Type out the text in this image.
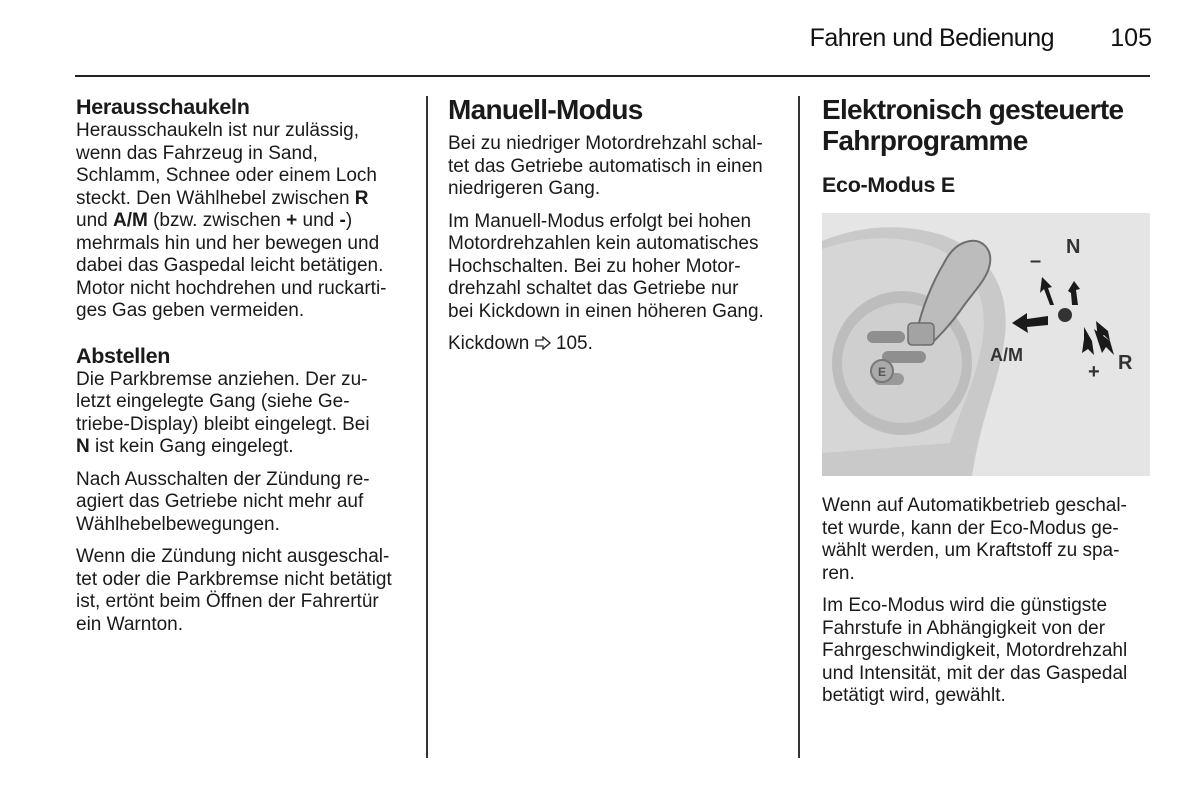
Fahren und Bedienung	105
Herausschaukeln

Herausschaukeln ist nur zulässig,
wenn das Fahrzeug in Sand,
Schlamm, Schnee oder einem Loch
steckt. Den Wählhebel zwischen R
und A/M (bzw. zwischen + und -)
mehrmals hin und her bewegen und
dabei das Gaspedal leicht betätigen.
Motor nicht hochdrehen und ruckarti-
ges Gas geben vermeiden.

Abstellen

Die Parkbremse anziehen. Der zu-
letzt eingelegte Gang (siehe Ge-
triebe-Display) bleibt eingelegt. Bei
N ist kein Gang eingelegt.

Nach Ausschalten der Zündung re-
agiert das Getriebe nicht mehr auf
Wählhebelbewegungen.

Wenn die Zündung nicht ausgeschal-
tet oder die Parkbremse nicht betätigt
ist, ertönt beim Öffnen der Fahrertür
ein Warnton.

Manuell-Modus

Bei zu niedriger Motordrehzahl schal-
tet das Getriebe automatisch in einen
niedrigeren Gang.

Im Manuell-Modus erfolgt bei hohen
Motordrehzahlen kein automatisches
Hochschalten. Bei zu hoher Motor-
drehzahl schaltet das Getriebe nur
bei Kickdown in einen höheren Gang.

Kickdown  105.

Elektronisch gesteuerte
Fahrprogramme
Eco-Modus E
E
N
–
A/M
+ R

Wenn auf Automatikbetrieb geschal-
tet wurde, kann der Eco-Modus ge-
wählt werden, um Kraftstoff zu spa-
ren.

Im Eco-Modus wird die günstigste
Fahrstufe in Abhängigkeit von der
Fahrgeschwindigkeit, Motordrehzahl
und Intensität, mit der das Gaspedal
betätigt wird, gewählt.
